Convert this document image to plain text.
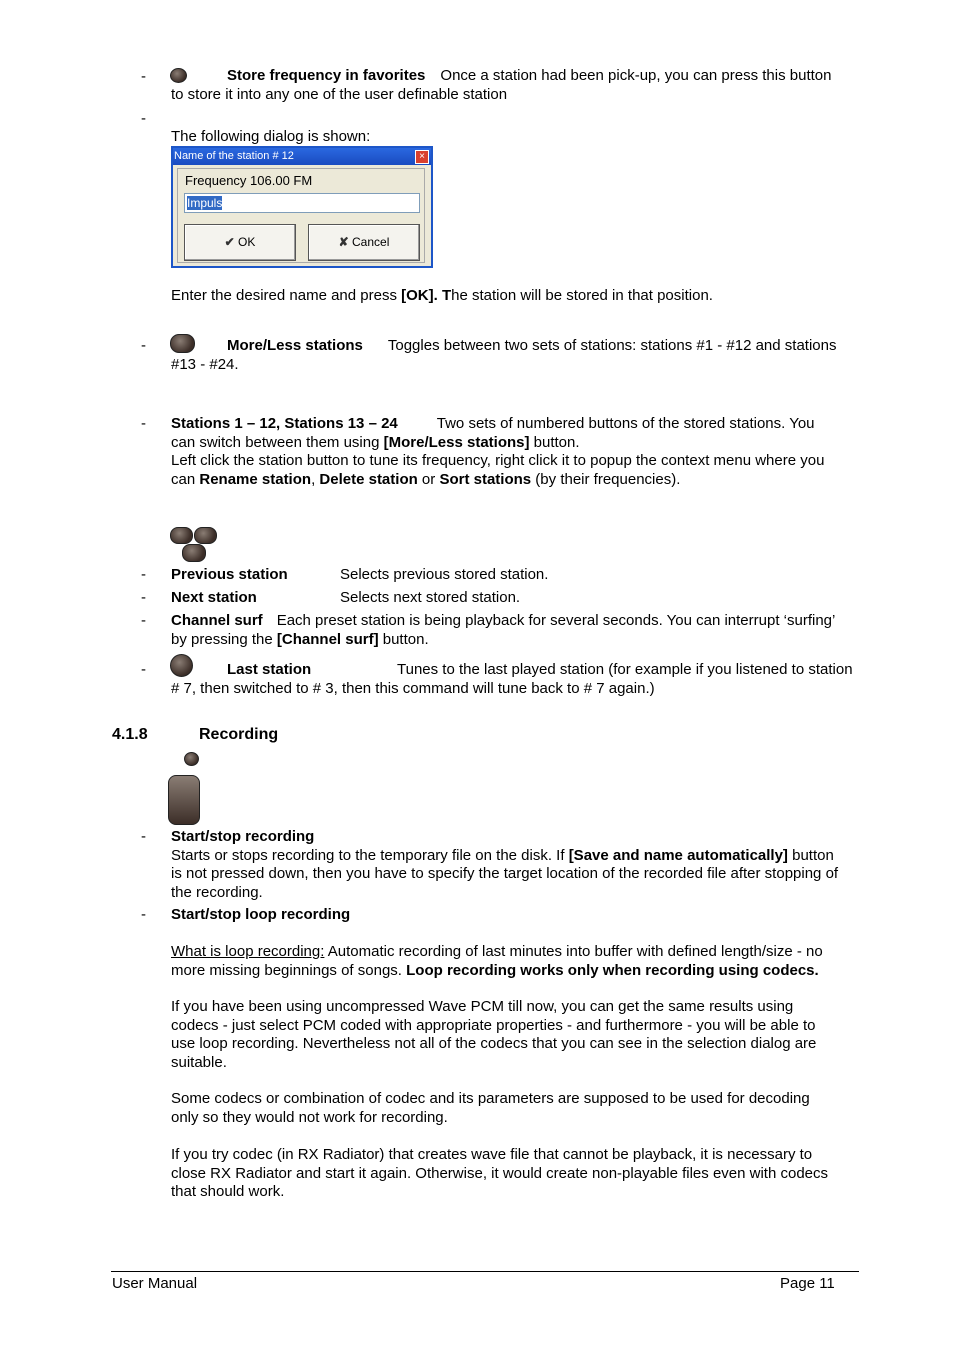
-	Store frequency in favorites Once a station had been pick-up, you can press this button
to store it into any one of the user definable station
-
The following dialog is shown:
Name of the station # 12	×
Frequency 106.00 FM
Impuls
✔ OK	✘ Cancel
Enter the desired name and press [OK]. The station will be stored in that position.
-	More/Less stations Toggles between two sets of stations: stations #1 - #12 and stations
#13 - #24.
- Stations 1 – 12, Stations 13 – 24	Two sets of numbered buttons of the stored stations. You
can switch between them using [More/Less stations] button.
Left click the station button to tune its frequency, right click it to popup the context menu where you
can Rename station, Delete station or Sort stations (by their frequencies).
- Previous station	Selects previous stored station.
- Next station	Selects next stored station.
- Channel surf Each preset station is being playback for several seconds. You can interrupt ‘surfing’
by pressing the [Channel surf] button.
-	Last station	Tunes to the last played station (for example if you listened to station
# 7, then switched to # 3, then this command will tune back to # 7 again.)
4.1.8	Recording
- Start/stop recording
Starts or stops recording to the temporary file on the disk. If [Save and name automatically] button
is not pressed down, then you have to specify the target location of the recorded file after stopping of
the recording.
- Start/stop loop recording
What is loop recording: Automatic recording of last minutes into buffer with defined length/size - no
more missing beginnings of songs. Loop recording works only when recording using codecs.
If you have been using uncompressed Wave PCM till now, you can get the same results using
codecs - just select PCM coded with appropriate properties - and furthermore - you will be able to
use loop recording. Nevertheless not all of the codecs that you can see in the selection dialog are
suitable.
Some codecs or combination of codec and its parameters are supposed to be used for decoding
only so they would not work for recording.
If you try codec (in RX Radiator) that creates wave file that cannot be playback, it is necessary to
close RX Radiator and start it again. Otherwise, it would create non-playable files even with codecs
that should work.
User Manual	Page 11
